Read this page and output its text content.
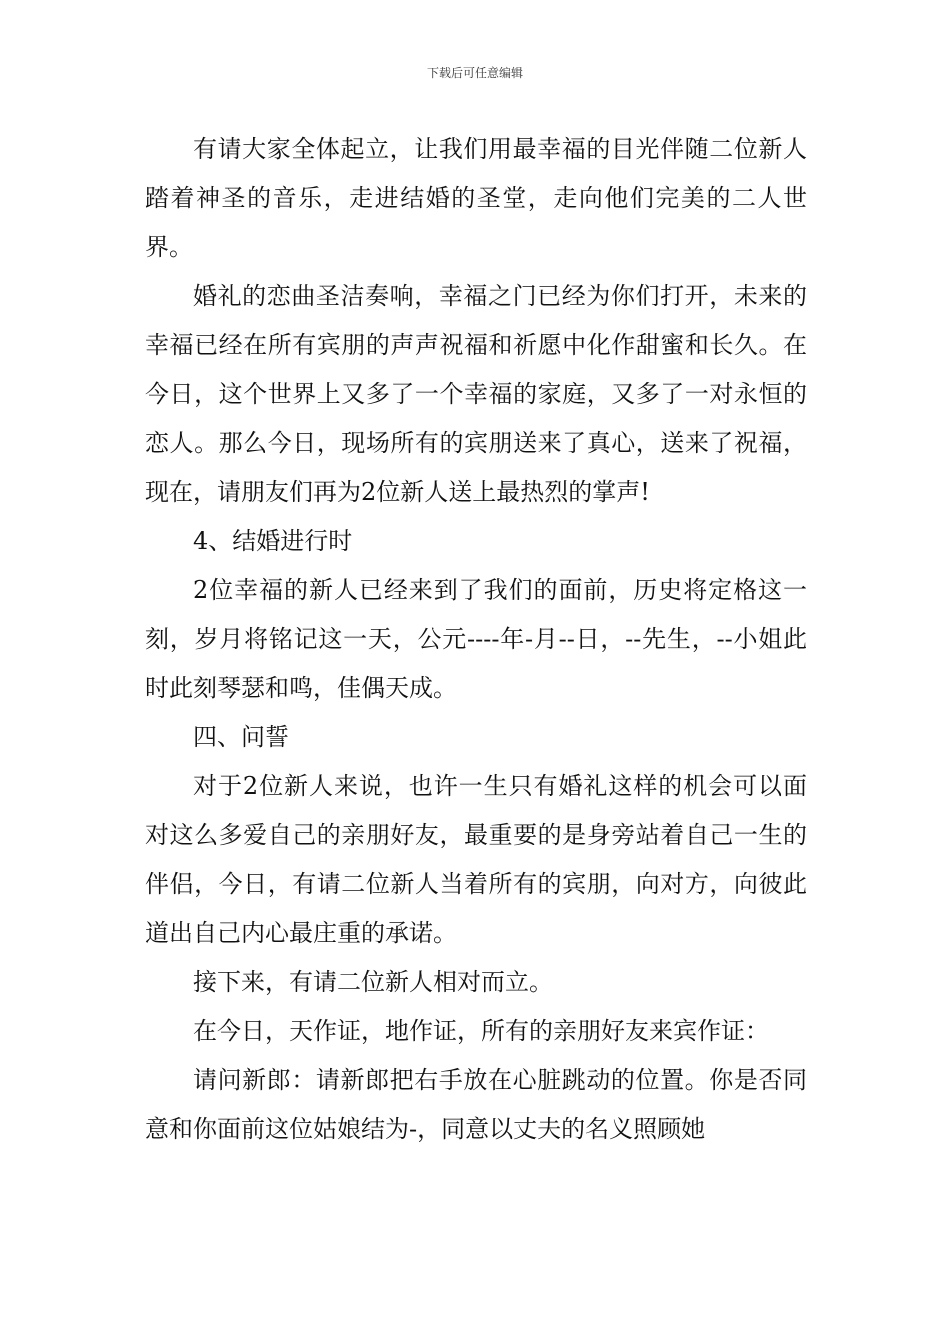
下载后可任意编辑

有请大家全体起立，让我们用最幸福的目光伴随二位新人踏着神圣的音乐，走进结婚的圣堂，走向他们完美的二人世界。

婚礼的恋曲圣洁奏响，幸福之门已经为你们打开，未来的幸福已经在所有宾朋的声声祝福和祈愿中化作甜蜜和长久。在今日，这个世界上又多了一个幸福的家庭，又多了一对永恒的恋人。那么今日，现场所有的宾朋送来了真心，送来了祝福，现在，请朋友们再为2位新人送上最热烈的掌声!

4、结婚进行时

2位幸福的新人已经来到了我们的面前，历史将定格这一刻，岁月将铭记这一天，公元----年-月--日，--先生，--小姐此时此刻琴瑟和鸣，佳偶天成。

四、问誓

对于2位新人来说，也许一生只有婚礼这样的机会可以面对这么多爱自己的亲朋好友，最重要的是身旁站着自己一生的伴侣，今日，有请二位新人当着所有的宾朋，向对方，向彼此道出自己内心最庄重的承诺。

接下来，有请二位新人相对而立。

在今日，天作证，地作证，所有的亲朋好友来宾作证：

请问新郎：请新郎把右手放在心脏跳动的位置。你是否同意和你面前这位姑娘结为-，同意以丈夫的名义照顾她
